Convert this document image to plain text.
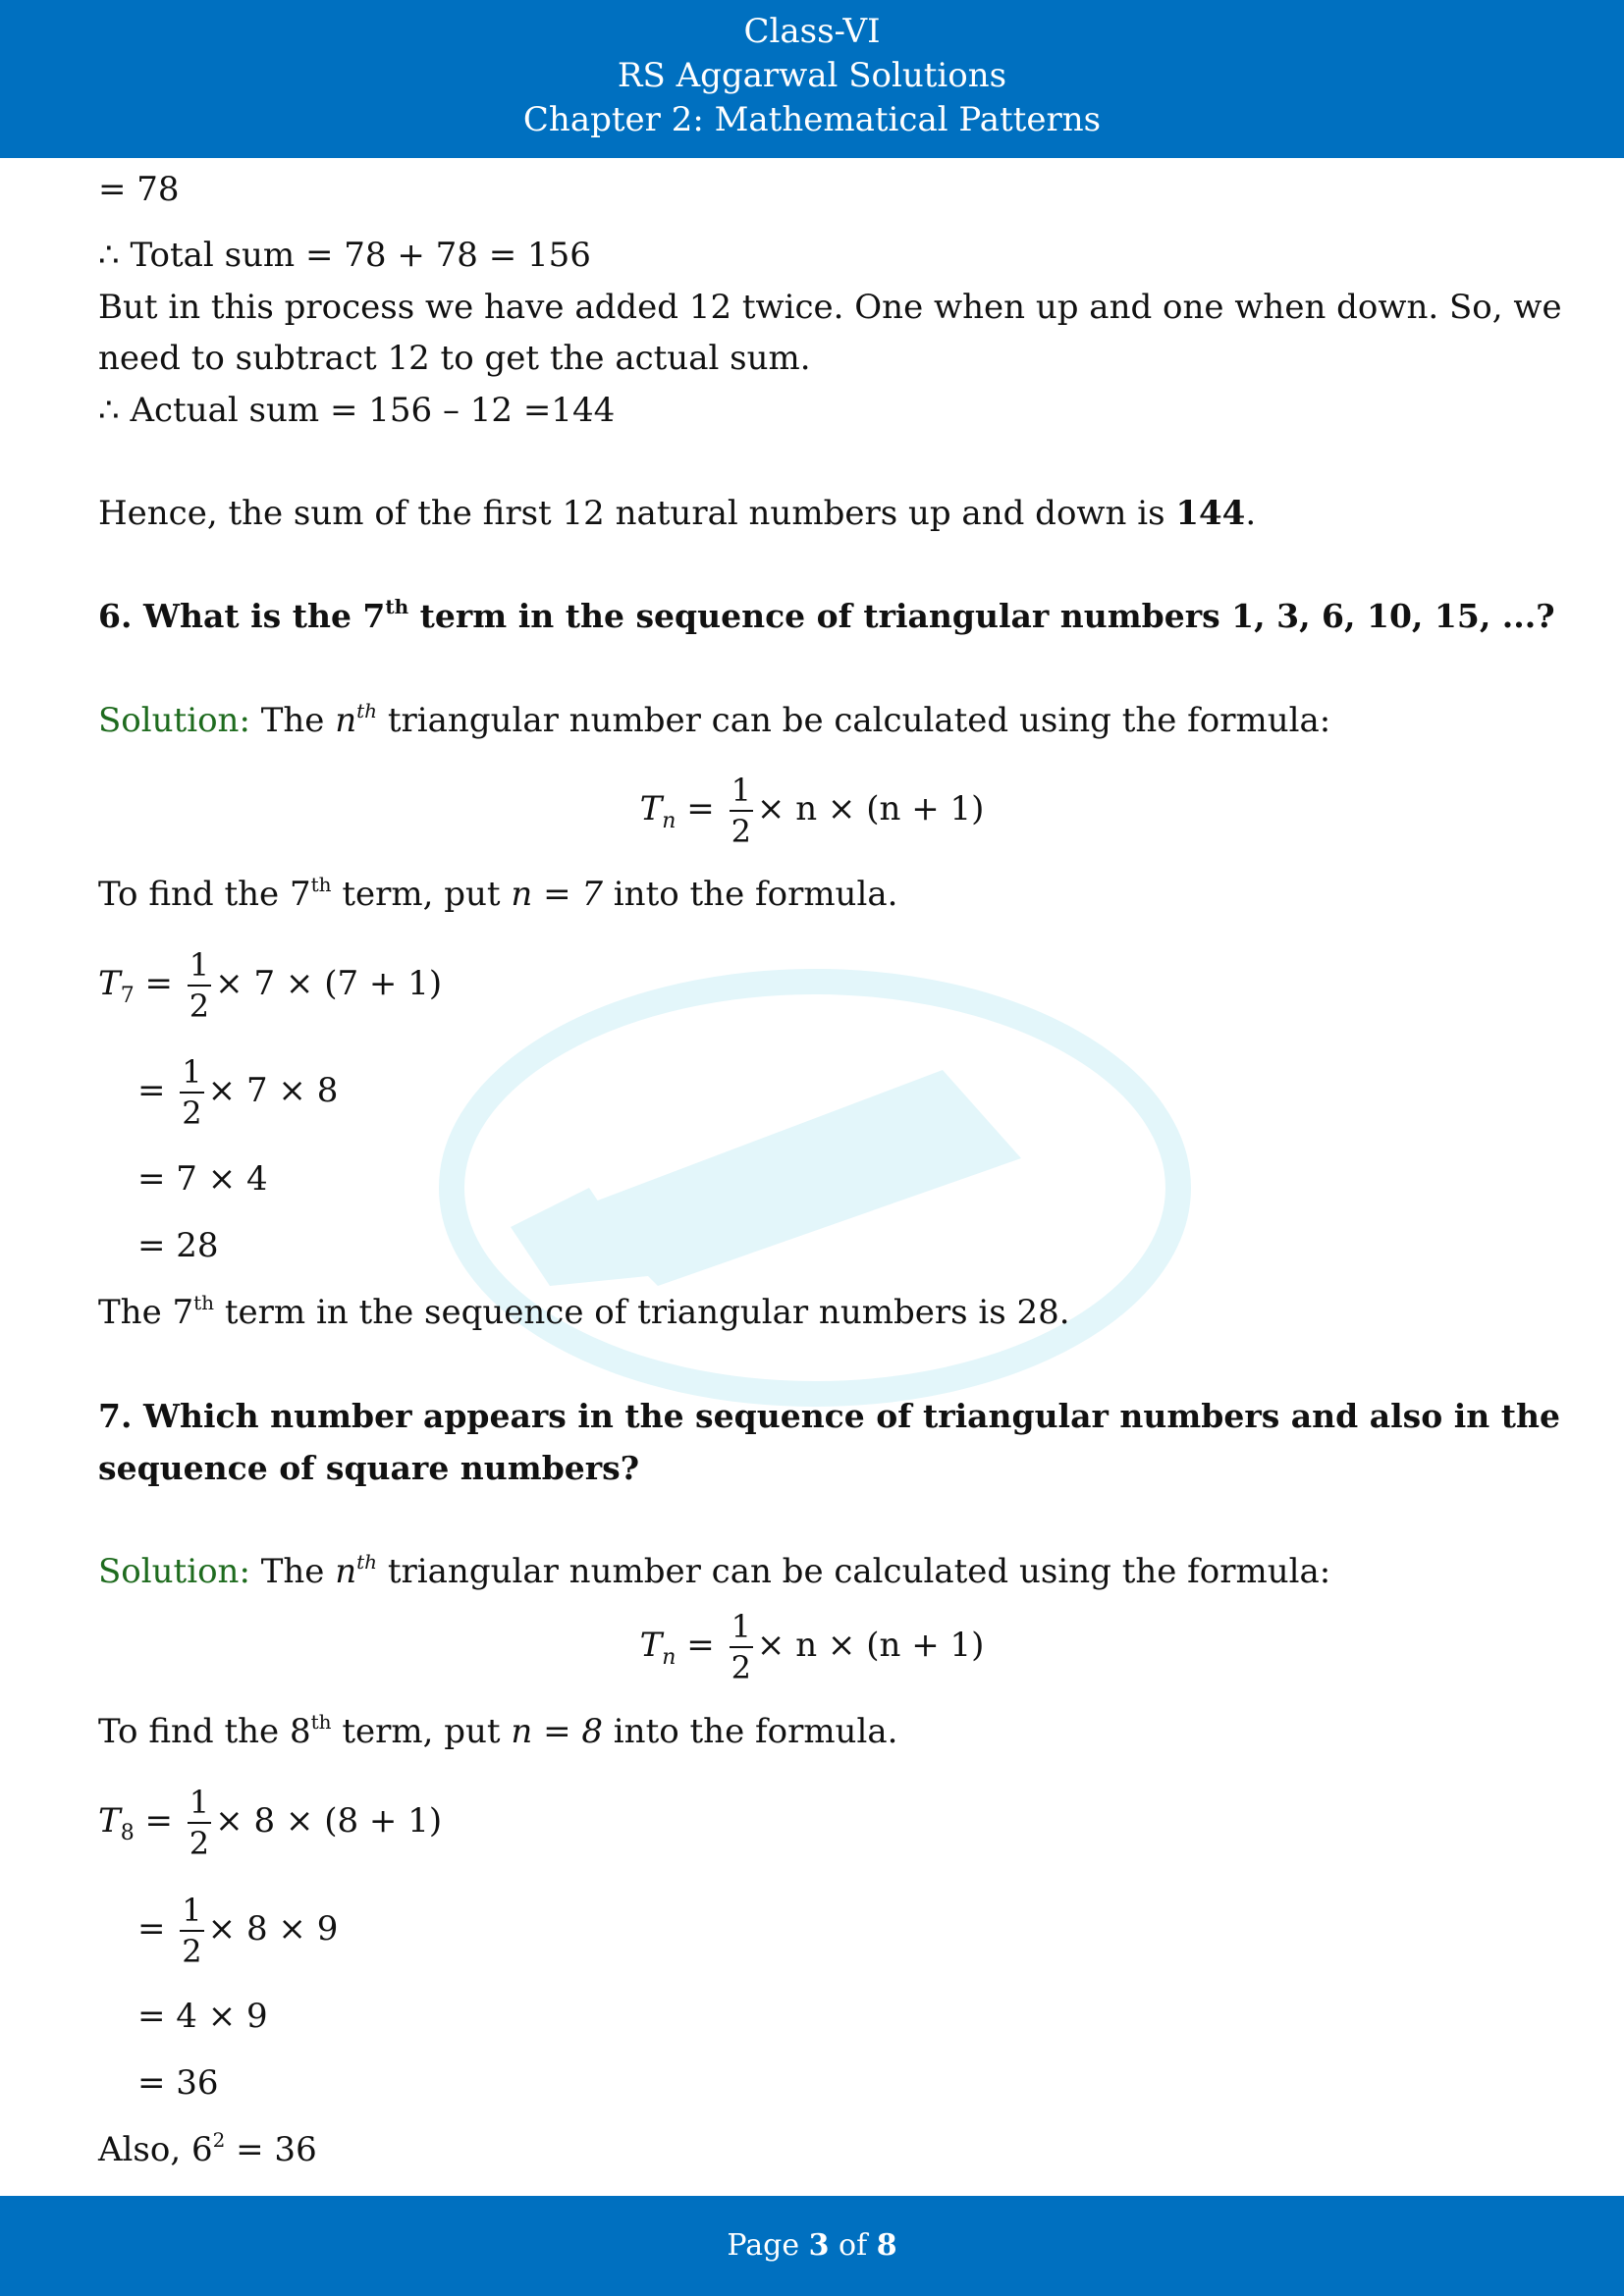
Class-VI
RS Aggarwal Solutions
Chapter 2: Mathematical Patterns
= 78
∴ Total sum = 78 + 78 = 156
But in this process we have added 12 twice. One when up and one when down. So, we
need to subtract 12 to get the actual sum.
∴ Actual sum = 156 – 12 =144
Hence, the sum of the first 12 natural numbers up and down is 144.
6. What is the 7th term in the sequence of triangular numbers 1, 3, 6, 10, 15, ...?
Solution: The $n^{th}$ triangular number can be calculated using the formula:
$T_n = \frac{1}{2} \times n \times (n + 1)$
To find the 7th term, put n = 7 into the formula.
$T_7 = \frac{1}{2} \times 7 \times (7 + 1)$
= $\frac{1}{2} \times 7 \times 8$
= 7 × 4
= 28
The 7th term in the sequence of triangular numbers is 28.
7. Which number appears in the sequence of triangular numbers and also in the
sequence of square numbers?
Solution: The $n^{th}$ triangular number can be calculated using the formula:
$T_n = \frac{1}{2} \times n \times (n + 1)$
To find the 8th term, put n = 8 into the formula.
$T_8 = \frac{1}{2} \times 8 \times (8 + 1)$
= $\frac{1}{2} \times 8 \times 9$
= 4 × 9
= 36
Also, $6^2 = 36$
Page 3 of 8
